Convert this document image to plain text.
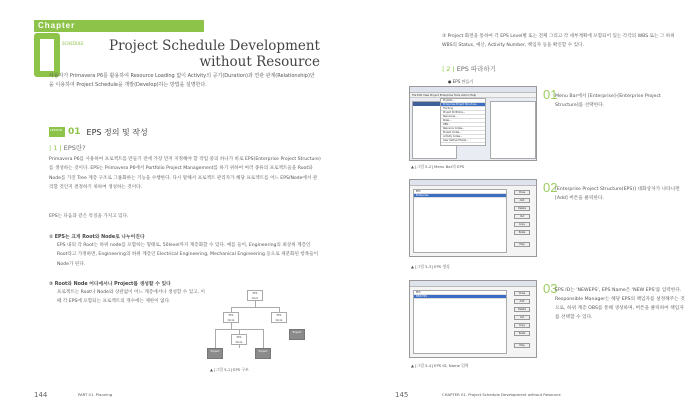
Chapter
SCHEDULE Project Schedule Development
without Resource
사용자가 Primavera P6를 활용하여 Resource Loading 없이 Activity의 공기(Duration)과 연관 관계(Relationship)만을 이용하여 Project Schedule을 개발(Develop)하는 방법을 설명한다.
LESSON 01 EPS 정의 및 작성
| 1 | EPS란?
Primavera P6를 사용하여 프로젝트를 만들기 전에 가장 먼저 지정해야 할 작업 중의 하나가 바로 EPS(Enterprise Project Structure)를 생성하는 것이다. EPS는 Primavera P6에서 Portfolio Project Management를 하기 위하여 여러 종류의 프로젝트들을 Root와 Node를 가진 Tree 계층 구조로 그룹화하는 기능을 수행한다. 다시 말해서 프로젝트 관리자가 해당 프로젝트를 어느 EPS/Node에서 관리할 것인지 결정하기 위하여 생성하는 것이다.
EPS는 다음과 같은 특징을 가지고 있다.
① EPS는 크게 Root와 Node로 나누어진다
EPS 내의 각 Root는 하위 node를 포함하는 형태로, 50level까지 계층화할 수 있다. 예를 들어, Engineering의 최상위 계층인 Root라고 가정하면, Engineering의 하위 계층인 Electrical Engineering, Mechanical Engineering 등으로 세분화된 항목들이 Node가 된다.
② Root와 Node 어디에서나 Project를 생성할 수 있다
프로젝트는 Root나 Node와 상관없이 어느 계층에서나 생성할 수 있고, 이때 각 EPS에 포함되는 프로젝트의 개수에는 제한이 없다.
EPS
Root
EPS
Node
EPS
Node
Project
EPS
Node
Project	Project
▲ [그림 5-1] EPS 구조
144	PART 01. Planning
③ Project 화면을 통하여 각 EPS Level별 또는 전체 그리고 각 세부계획에 포함되어 있는 각각의 WBS 또는 그 하위 WBS의 Status, 예산, Activity Number, 책임자 등을 확인할 수 있다.
| 2 | EPS 따라하기
● EPS 만들기
File Edit View Project Enterprise Tools Admin Help
Projects...
Enterprise Project Structure...
Tracking
Project Portfolios...
Resources...
Roles...
OBS...
Resource Codes...
Project Codes...
Activity Codes...
User Defined Fields...
▲ [그림 5-2] Menu Bar의 EPS
01
Menu Bar에서 [Enterprise]-[Enterprise Project Structure]를 선택한다.
EPS
Enterprise
Close
Add
Delete
Cut
Copy
Paste
Help
▲ [그림 5-3] EPS 생성
02
[Enterprise Project Structure(EPS)] 대화상자가 나타나면 [Add] 버튼을 클릭한다.
EPS
NEW EPS
Close
Add
Delete
Cut
Copy
Paste
Help
▲ [그림 5-4] EPS ID, Name 입력
03
EPS ID는 'NEWEPS', EPS Name은 'NEW EPS'를 입력한다. Responsible Manager는 해당 EPS의 책임자를 설정해주는 것으로, 하위 계층 OBS를 통해 생성하며, 버튼을 클릭하여 책임자를 선택할 수 있다.
145	CHAPTER 01. Project Schedule Development without Resource
